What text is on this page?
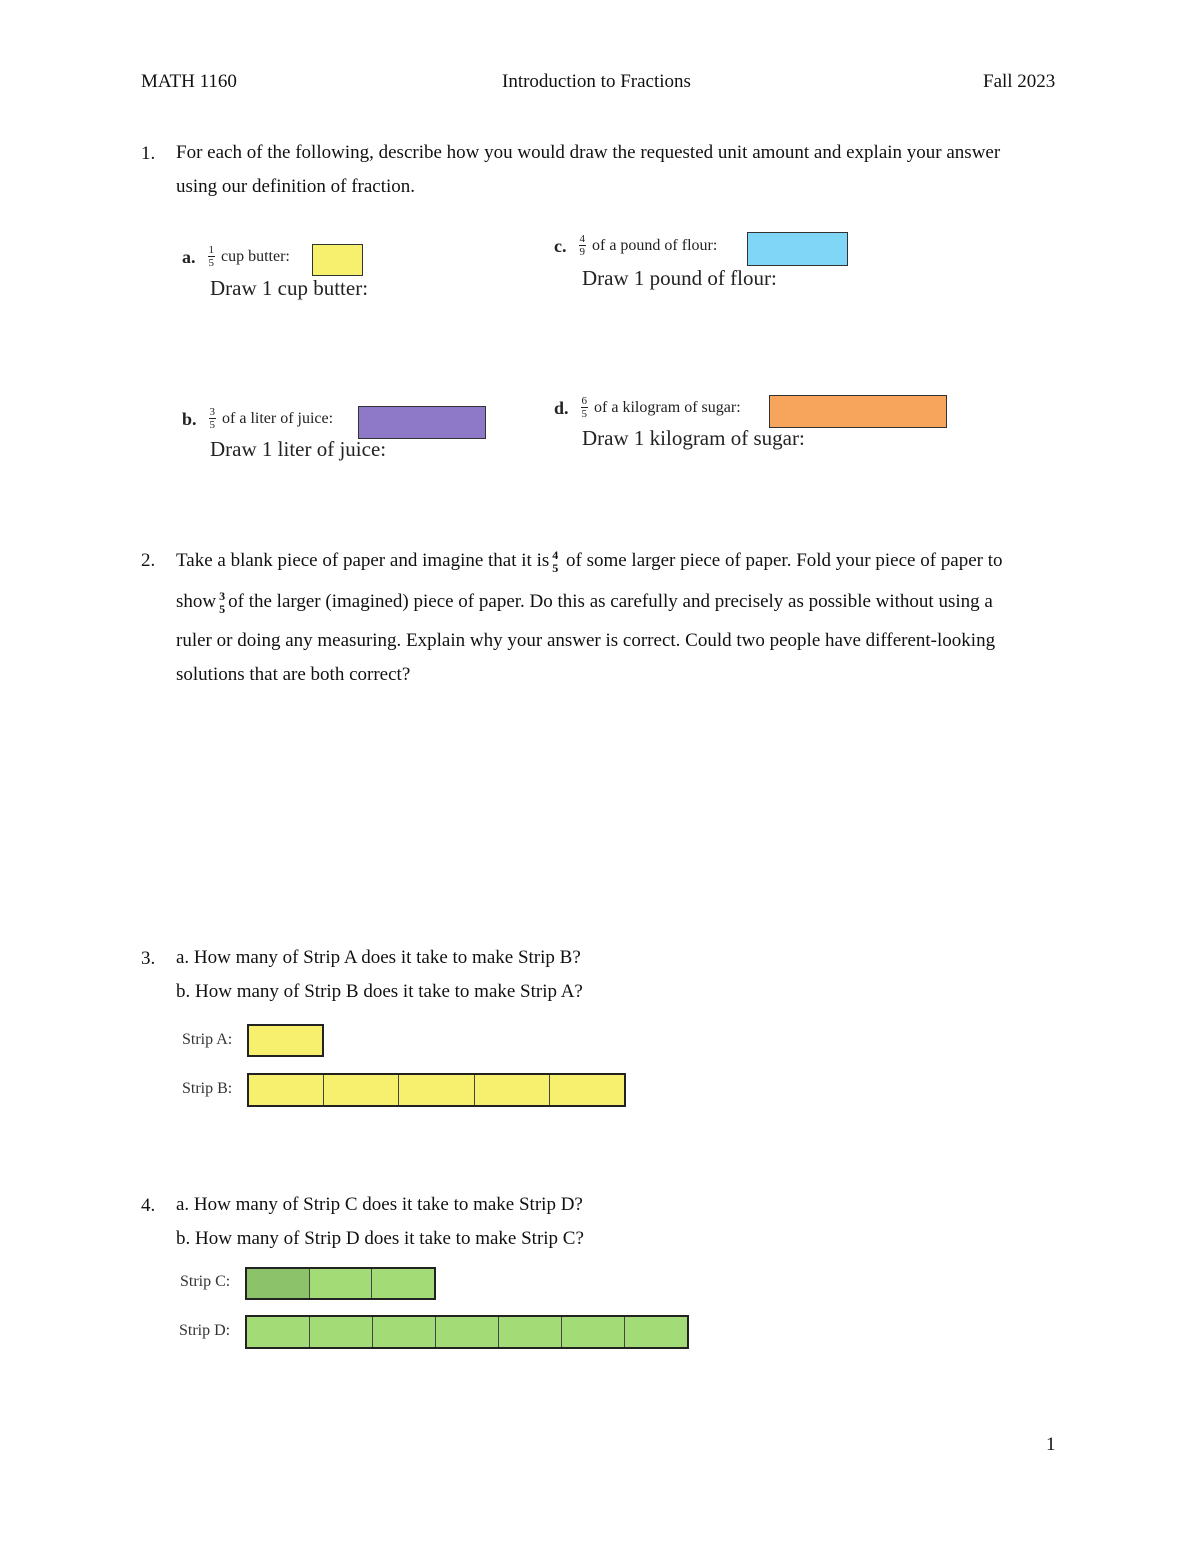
MATH 1160	Introduction to Fractions	Fall 2023
1. For each of the following, describe how you would draw the requested unit amount and explain your answer
using our definition of fraction.
a. $\frac{1}{5}$ cup butter:
Draw 1 cup butter:
c. $\frac{4}{9}$ of a pound of flour:
Draw 1 pound of flour:
b. $\frac{3}{5}$ of a liter of juice:
Draw 1 liter of juice:
d. $\frac{6}{5}$ of a kilogram of sugar:
Draw 1 kilogram of sugar:
2. Take a blank piece of paper and imagine that it is 4
5 of some larger piece of paper. Fold your piece of paper to
show 3
5 of the larger (imagined) piece of paper. Do this as carefully and precisely as possible without using a
ruler or doing any measuring. Explain why your answer is correct. Could two people have different-looking
solutions that are both correct?
3. a. How many of Strip A does it take to make Strip B?
b. How many of Strip B does it take to make Strip A?
Strip A:
Strip B:
4. a. How many of Strip C does it take to make Strip D?
b. How many of Strip D does it take to make Strip C?
Strip C:
Strip D:
1
